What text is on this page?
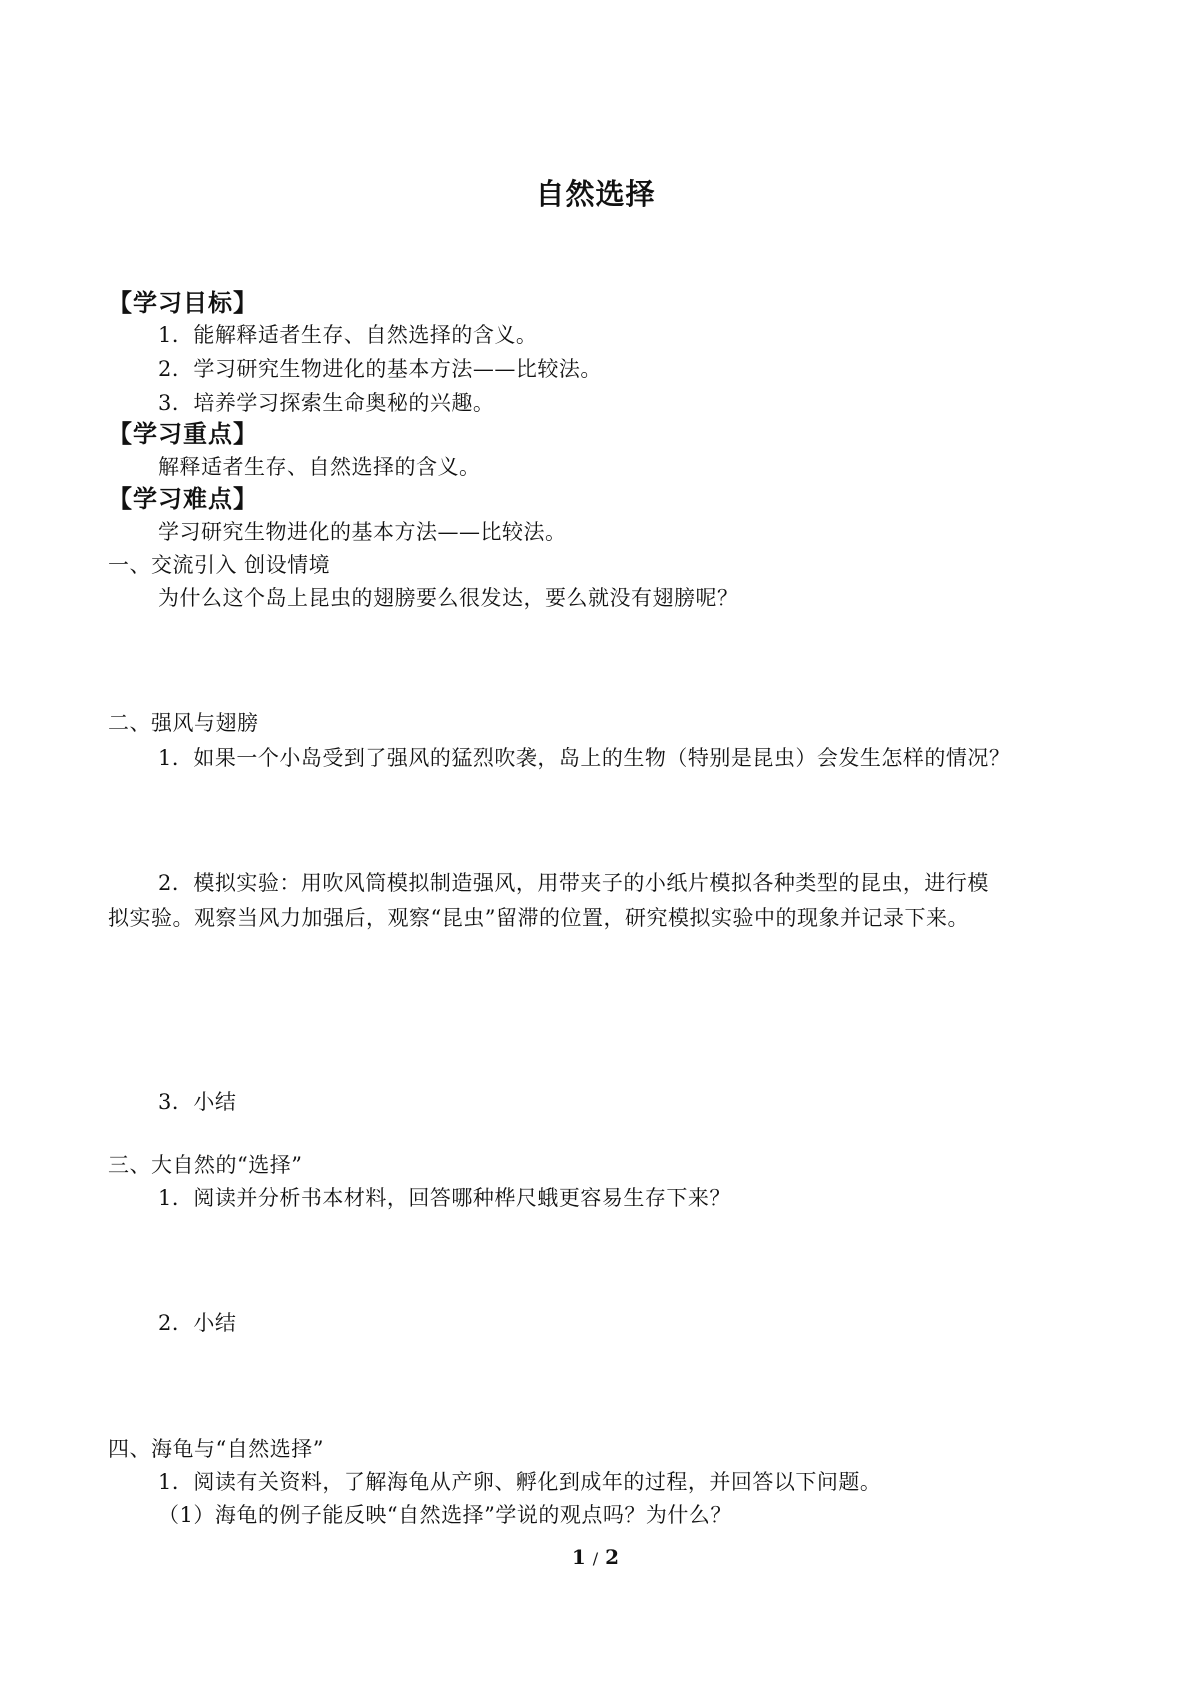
自然选择
【学习目标】
1．能解释适者生存、自然选择的含义。
2．学习研究生物进化的基本方法——比较法。
3．培养学习探索生命奥秘的兴趣。
【学习重点】
解释适者生存、自然选择的含义。
【学习难点】
学习研究生物进化的基本方法——比较法。
一、交流引入 创设情境
为什么这个岛上昆虫的翅膀要么很发达，要么就没有翅膀呢？
二、强风与翅膀
1．如果一个小岛受到了强风的猛烈吹袭，岛上的生物（特别是昆虫）会发生怎样的情况？
2．模拟实验：用吹风筒模拟制造强风，用带夹子的小纸片模拟各种类型的昆虫，进行模
拟实验。观察当风力加强后，观察“昆虫”留滞的位置，研究模拟实验中的现象并记录下来。
3．小结
三、大自然的“选择”
1．阅读并分析书本材料，回答哪种桦尺蛾更容易生存下来？
2．小结
四、海龟与“自然选择”
1．阅读有关资料，了解海龟从产卵、孵化到成年的过程，并回答以下问题。
（1）海龟的例子能反映“自然选择”学说的观点吗？为什么？
1 / 2
